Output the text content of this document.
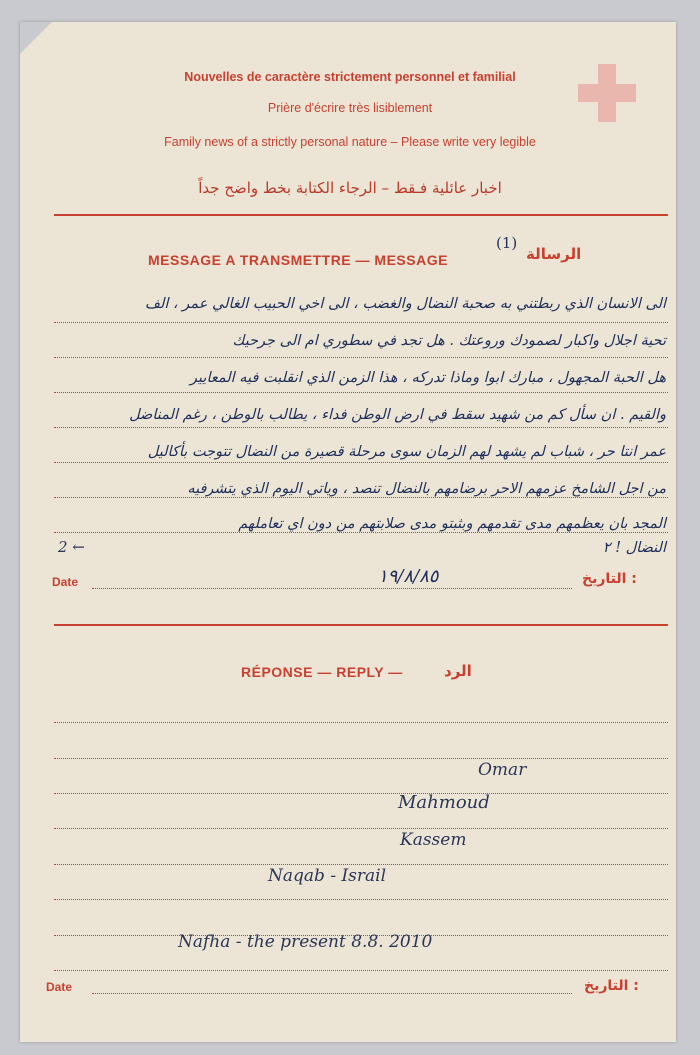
Nouvelles de caractère strictement personnel et familial
Prière d'écrire très lisiblement
Family news of a strictly personal nature – Please write very legible
اخبار عائلية فـقط – الرجاء الكتابة بخط واضح جداً
MESSAGE A TRANSMETTRE — MESSAGE
(1)
الرسالة
الى الانسان الذي ربطتني به صحبة النضال والغضب ، الى اخي الحبيب الغالي عمر ، الف
تحية اجلال واكبار لصمودك وروعتك . هل تجد في سطوري ام الى جرحيك
هل الحبة المجهول ، مبارك ابوا وماذا تدركه ، هذا الزمن الذي انقلبت فيه المعايير
والقيم . ان سأل كم من شهيد سقط في ارض الوطن فداء ، يطالب بالوطن ، رغم المناضل
عمر انتا حر ، شباب لم يشهد لهم الزمان سوى مرحلة قصيرة من النضال تتوجت بأكاليل
من اجل الشامخ عزمهم الاحر برضامهم بالنضال تنصد ، وياتي اليوم الذي يتشرفيه
المجد بان يعظمهم مدى تقدمهم وبثبتو مدى صلابتهم من دون اي تعاملهم
النضال ! ٢
2 ←
Date	١٩/٨/٨٥	التاريخ :
RÉPONSE — REPLY —	الرد
Omar
Mahmoud
Kassem
Naqab - Israil
Nafha - the present 8.8. 2010
Date	التاريخ :
